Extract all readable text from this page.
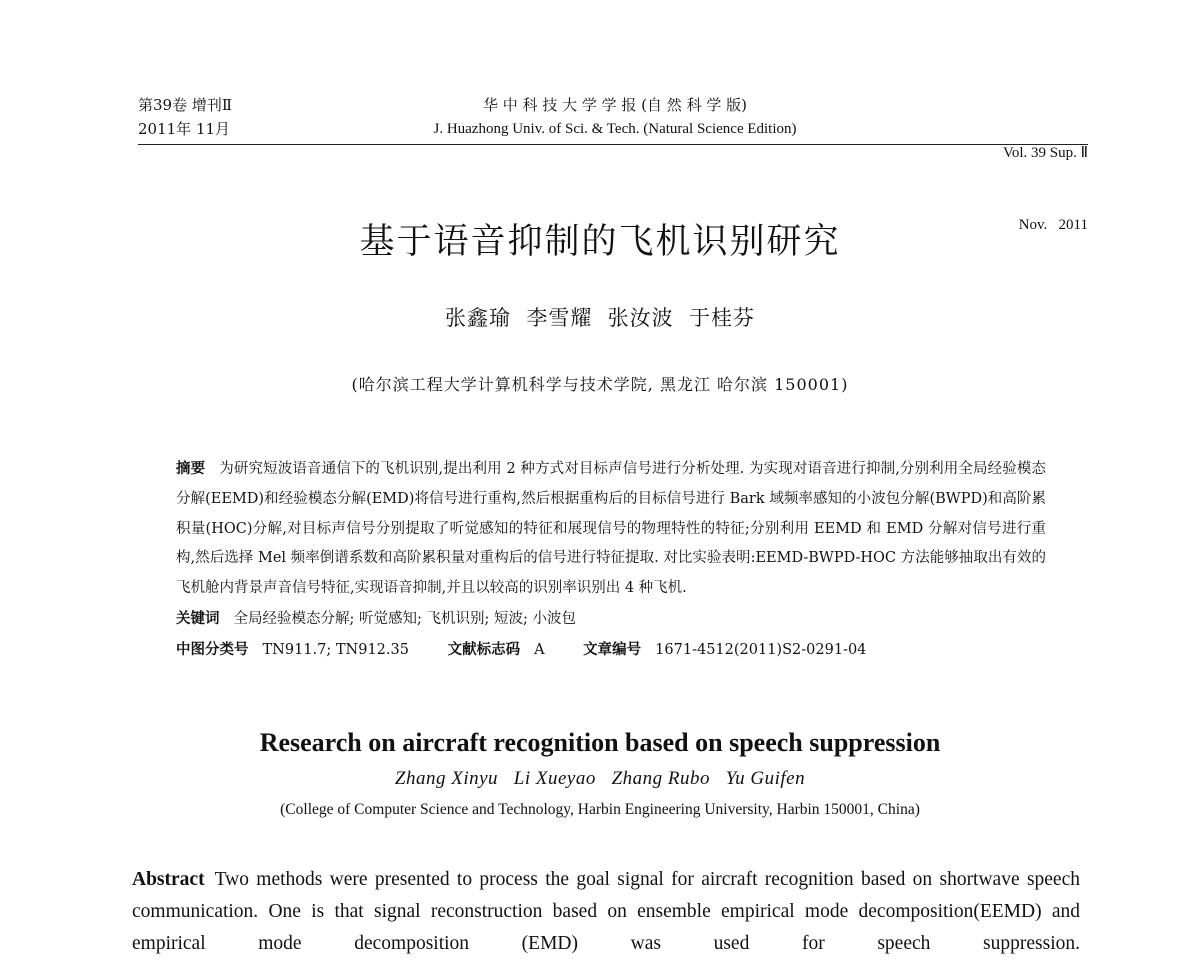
第39卷 增刊Ⅱ
2011年 11月
华 中 科 技 大 学 学 报 (自 然 科 学 版)
J. Huazhong Univ. of Sci. & Tech. (Natural Science Edition)

Vol. 39 Sup. Ⅱ

Nov.   2011

基于语音抑制的飞机识别研究
张鑫瑜  李雪耀  张汝波  于桂芬
(哈尔滨工程大学计算机科学与技术学院, 黑龙江 哈尔滨 150001)
摘要 为研究短波语音通信下的飞机识别,提出利用 2 种方式对目标声信号进行分析处理. 为实现对语音进行抑制,分别利用全局经验模态分解(EEMD)和经验模态分解(EMD)将信号进行重构,然后根据重构后的目标信号进行 Bark 域频率感知的小波包分解(BWPD)和高阶累积量(HOC)分解,对目标声信号分别提取了听觉感知的特征和展现信号的物理特性的特征;分别利用 EEMD 和 EMD 分解对信号进行重构,然后选择 Mel 频率倒谱系数和高阶累积量对重构后的信号进行特征提取. 对比实验表明:EEMD-BWPD-HOC 方法能够抽取出有效的飞机舱内背景声音信号特征,实现语音抑制,并且以较高的识别率识别出 4 种飞机.
关键词 全局经验模态分解; 听觉感知; 飞机识别; 短波; 小波包
中图分类号 TN911.7; TN912.35	文献标志码 A	文章编号 1671-4512(2011)S2-0291-04
Research on aircraft recognition based on speech suppression
Zhang Xinyu   Li Xueyao   Zhang Rubo   Yu Guifen
(College of Computer Science and Technology, Harbin Engineering University, Harbin 150001, China)
Abstract Two methods were presented to process the goal signal for aircraft recognition based on shortwave speech communication. One is that signal reconstruction based on ensemble empirical mode decomposition(EEMD) and empirical mode decomposition (EMD) was used for speech suppression.
